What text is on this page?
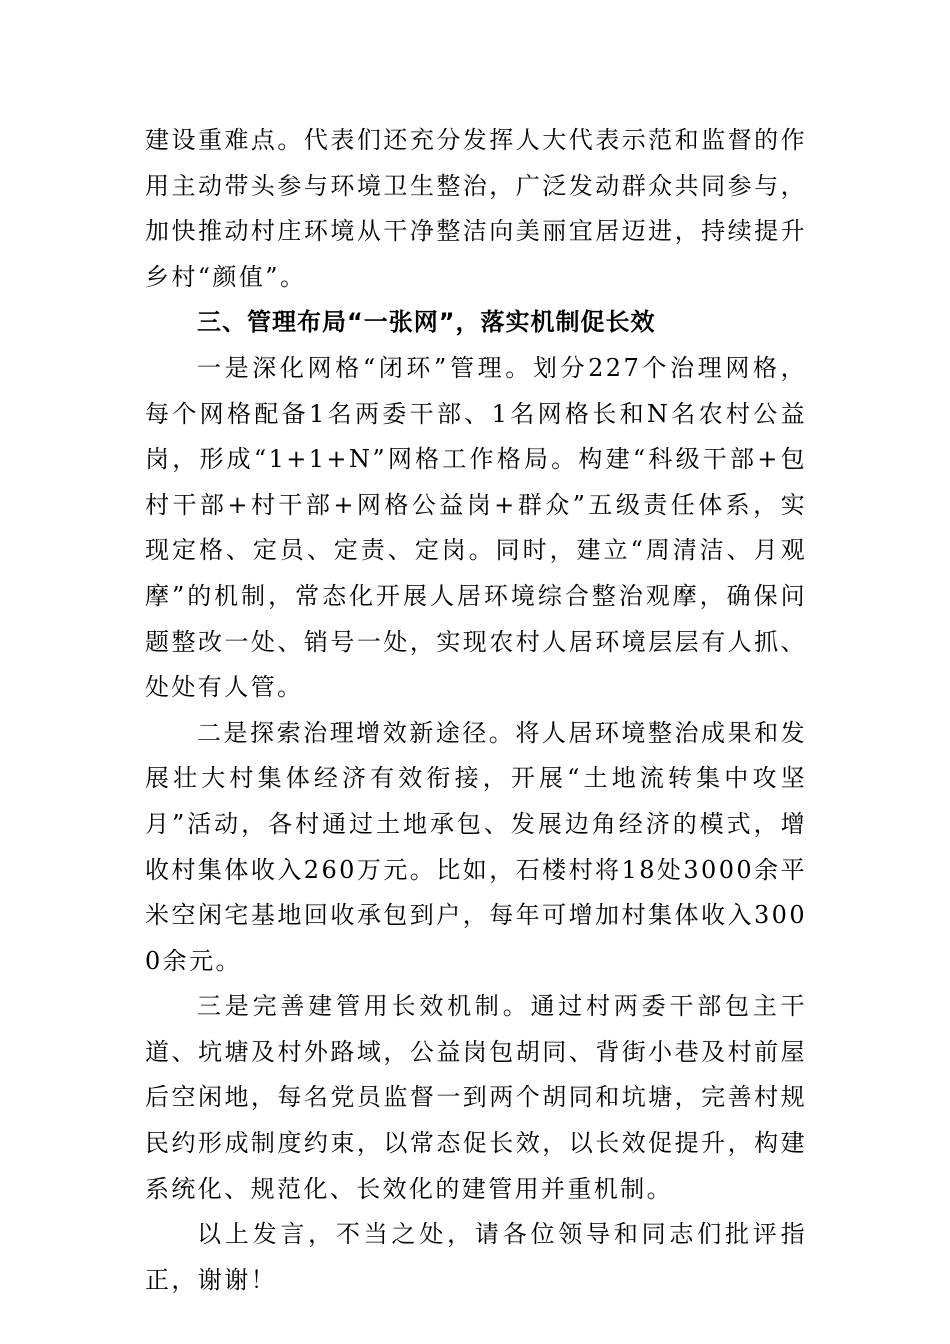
建设重难点。代表们还充分发挥人大代表示范和监督的作用主动带头参与环境卫生整治，广泛发动群众共同参与，加快推动村庄环境从干净整洁向美丽宜居迈进，持续提升乡村“颜值”。

三、管理布局“一张网”，落实机制促长效

一是深化网格“闭环”管理。划分227个治理网格，每个网格配备1名两委干部、1名网格长和N名农村公益岗，形成“1+1+N”网格工作格局。构建“科级干部+包村干部+村干部+网格公益岗+群众”五级责任体系，实现定格、定员、定责、定岗。同时，建立“周清洁、月观摩”的机制，常态化开展人居环境综合整治观摩，确保问题整改一处、销号一处，实现农村人居环境层层有人抓、处处有人管。

二是探索治理增效新途径。将人居环境整治成果和发展壮大村集体经济有效衔接，开展“土地流转集中攻坚月”活动，各村通过土地承包、发展边角经济的模式，增收村集体收入260万元。比如，石楼村将18处3000余平米空闲宅基地回收承包到户，每年可增加村集体收入3000余元。

三是完善建管用长效机制。通过村两委干部包主干道、坑塘及村外路域，公益岗包胡同、背街小巷及村前屋后空闲地，每名党员监督一到两个胡同和坑塘，完善村规民约形成制度约束，以常态促长效，以长效促提升，构建系统化、规范化、长效化的建管用并重机制。

以上发言，不当之处，请各位领导和同志们批评指正，谢谢！
